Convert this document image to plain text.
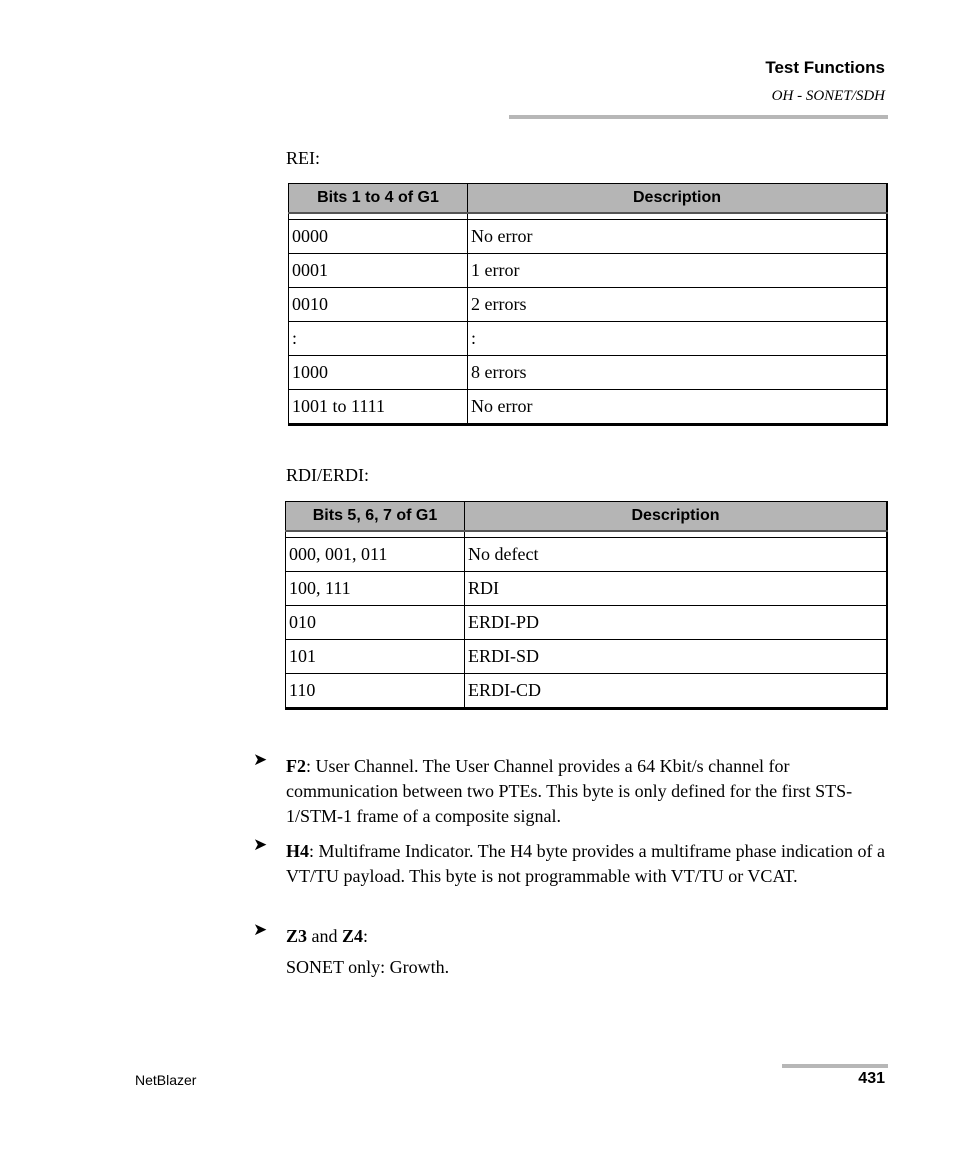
Test Functions
OH - SONET/SDH
REI:
Bits 1 to 4 of G1	Description

0000	No error
0001	1 error
0010	2 errors
:	:
1000	8 errors
1001 to 1111	No error
RDI/ERDI:
Bits 5, 6, 7 of G1	Description

000, 001, 011	No defect
100, 111	RDI
010	ERDI-PD
101	ERDI-SD
110	ERDI-CD
➤ F2: User Channel. The User Channel provides a 64 Kbit/s channel for communication between two PTEs. This byte is only defined for the first STS-1/STM-1 frame of a composite signal.
➤ H4: Multiframe Indicator. The H4 byte provides a multiframe phase indication of a VT/TU payload. This byte is not programmable with VT/TU or VCAT.
➤ Z3 and Z4:
SONET only: Growth.
NetBlazer	431
